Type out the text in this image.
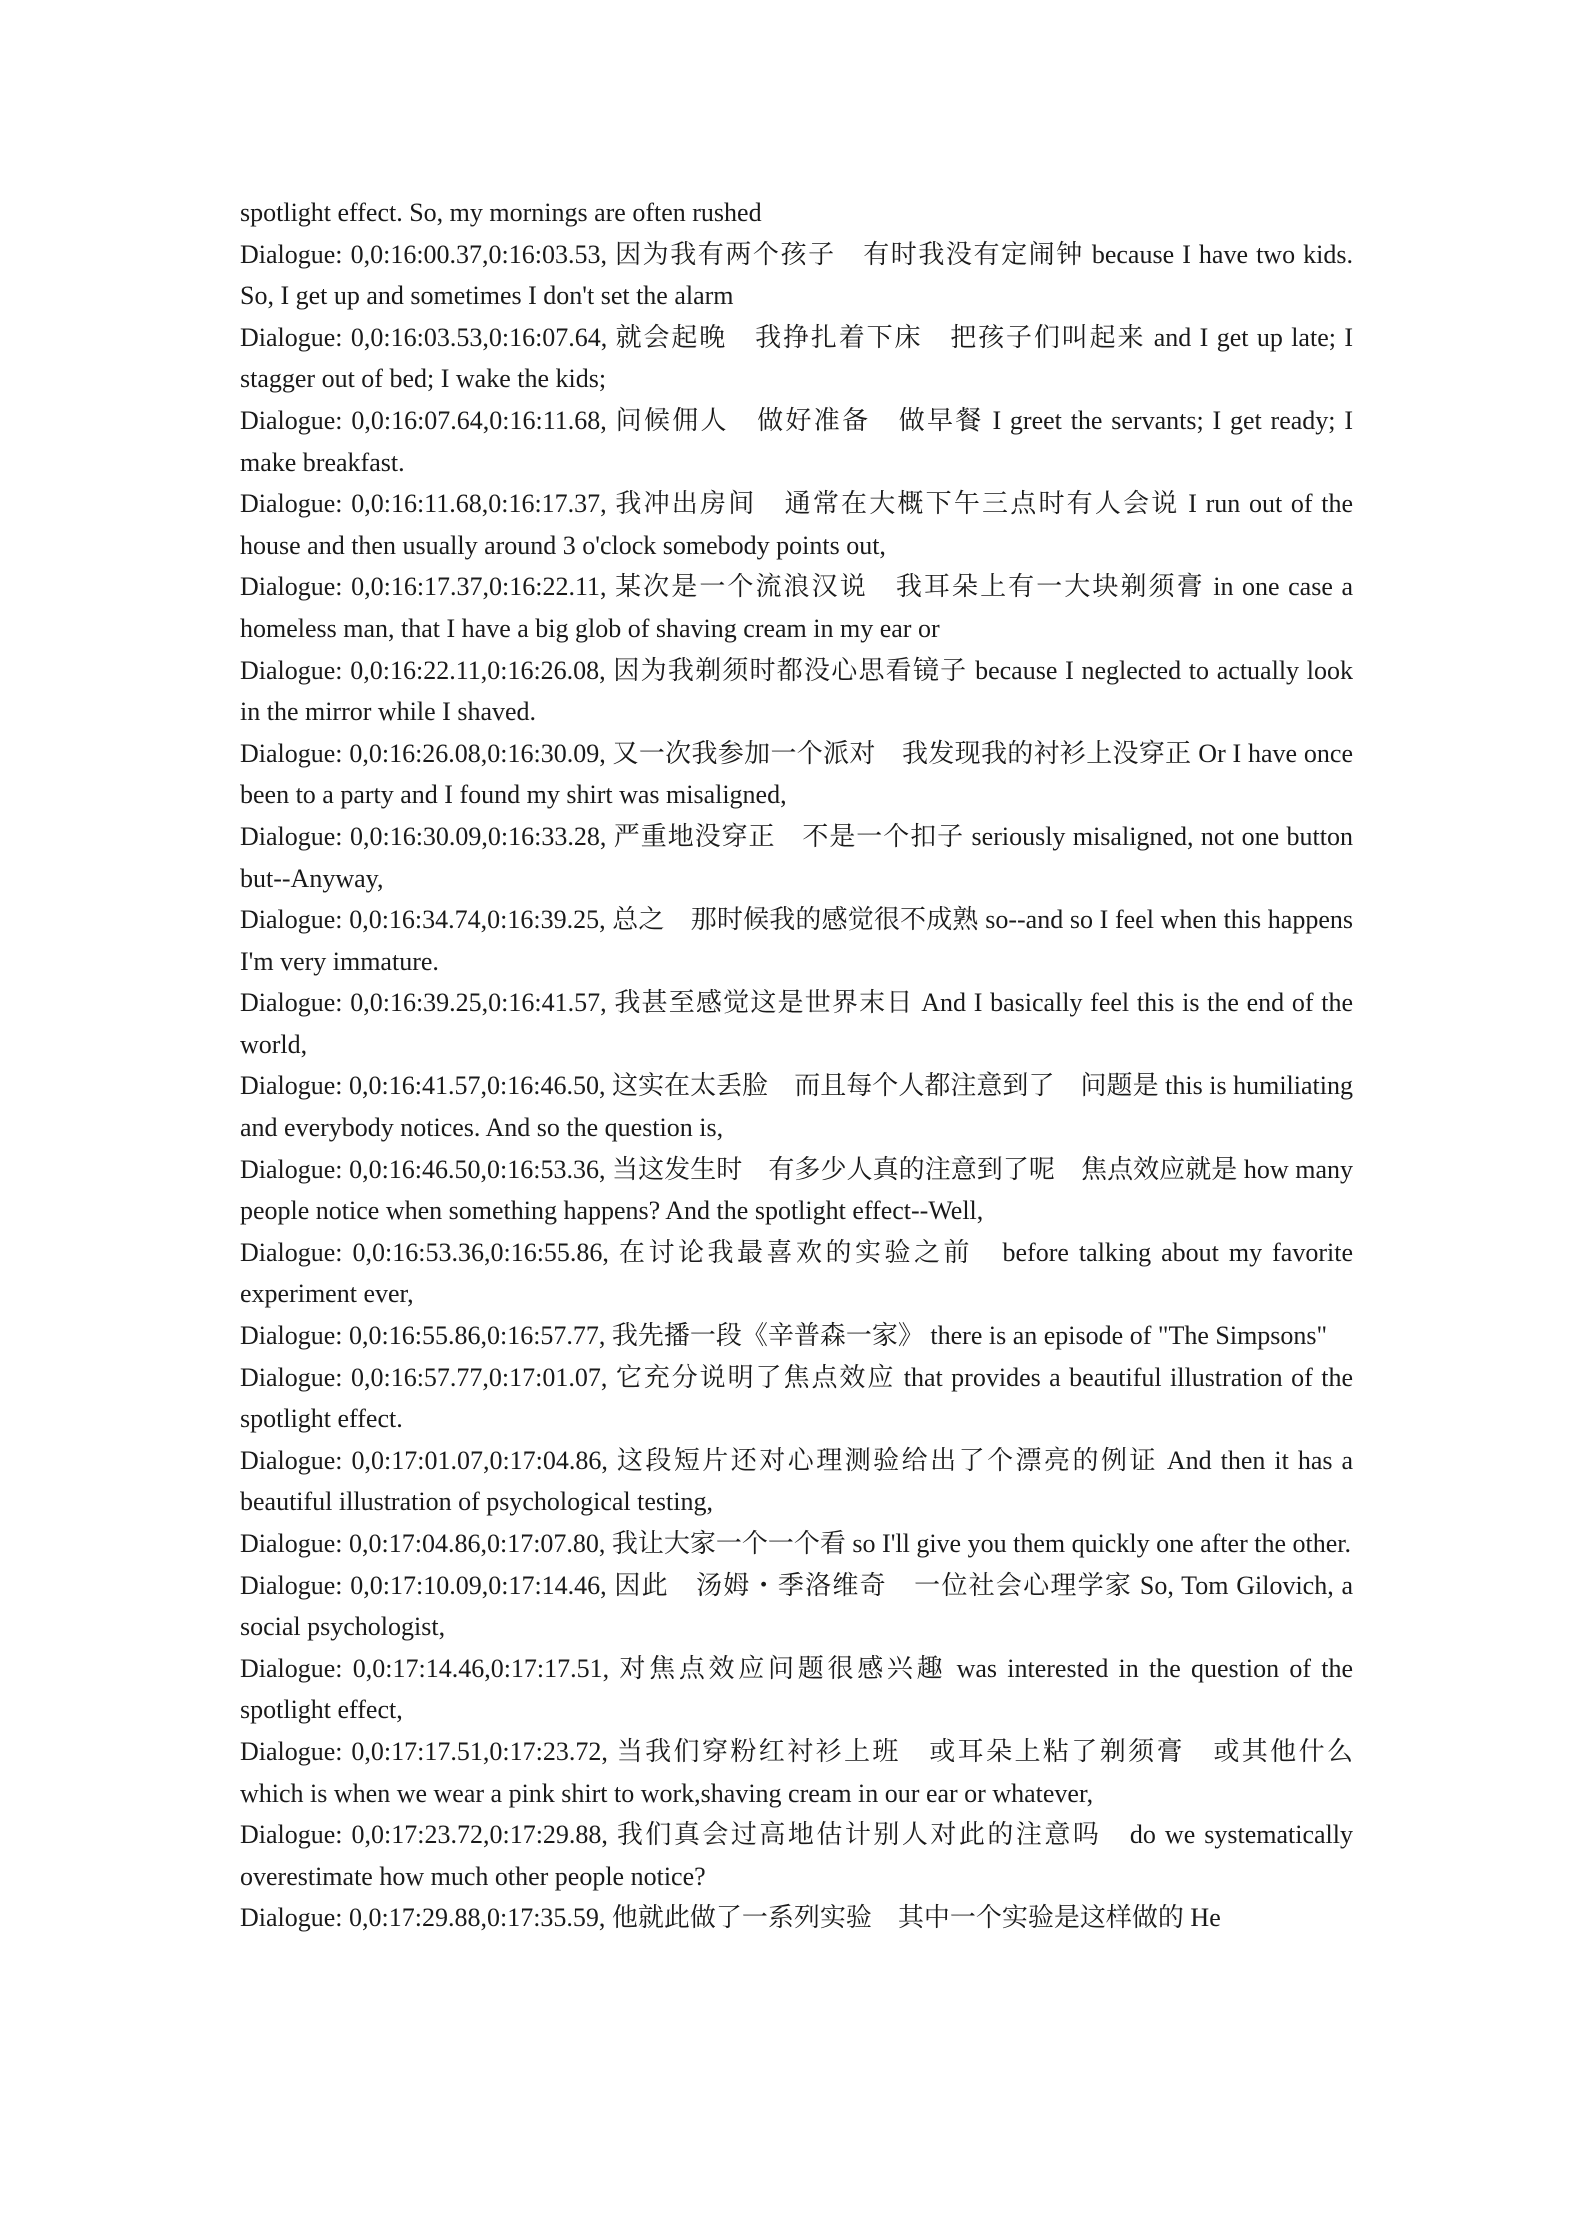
spotlight effect. So, my mornings are often rushed

Dialogue: 0,0:16:00.37,0:16:03.53, 因为我有两个孩子　有时我没有定闹钟 because I have two kids. So, I get up and sometimes I don't set the alarm

Dialogue: 0,0:16:03.53,0:16:07.64, 就会起晚　我挣扎着下床　把孩子们叫起来 and I get up late; I stagger out of bed; I wake the kids;

Dialogue: 0,0:16:07.64,0:16:11.68, 问候佣人　做好准备　做早餐 I greet the servants; I get ready; I make breakfast.

Dialogue: 0,0:16:11.68,0:16:17.37, 我冲出房间　通常在大概下午三点时有人会说 I run out of the house and then usually around 3 o'clock somebody points out,

Dialogue: 0,0:16:17.37,0:16:22.11, 某次是一个流浪汉说　我耳朵上有一大块剃须膏 in one case a homeless man, that I have a big glob of shaving cream in my ear or

Dialogue: 0,0:16:22.11,0:16:26.08, 因为我剃须时都没心思看镜子 because I neglected to actually look in the mirror while I shaved.

Dialogue: 0,0:16:26.08,0:16:30.09, 又一次我参加一个派对　我发现我的衬衫上没穿正 Or I have once been to a party and I found my shirt was misaligned,

Dialogue: 0,0:16:30.09,0:16:33.28, 严重地没穿正　不是一个扣子 seriously misaligned, not one button but--Anyway,

Dialogue: 0,0:16:34.74,0:16:39.25, 总之　那时候我的感觉很不成熟 so--and so I feel when this happens I'm very immature.

Dialogue: 0,0:16:39.25,0:16:41.57, 我甚至感觉这是世界末日 And I basically feel this is the end of the world,

Dialogue: 0,0:16:41.57,0:16:46.50, 这实在太丢脸　而且每个人都注意到了　问题是 this is humiliating and everybody notices. And so the question is,

Dialogue: 0,0:16:46.50,0:16:53.36, 当这发生时　有多少人真的注意到了呢　焦点效应就是 how many people notice when something happens? And the spotlight effect--Well,

Dialogue: 0,0:16:53.36,0:16:55.86, 在讨论我最喜欢的实验之前　before talking about my favorite experiment ever,

Dialogue: 0,0:16:55.86,0:16:57.77, 我先播一段《辛普森一家》 there is an episode of "The Simpsons"

Dialogue: 0,0:16:57.77,0:17:01.07, 它充分说明了焦点效应 that provides a beautiful illustration of the spotlight effect.

Dialogue: 0,0:17:01.07,0:17:04.86, 这段短片还对心理测验给出了个漂亮的例证 And then it has a beautiful illustration of psychological testing,

Dialogue: 0,0:17:04.86,0:17:07.80, 我让大家一个一个看 so I'll give you them quickly one after the other.

Dialogue: 0,0:17:10.09,0:17:14.46, 因此　汤姆・季洛维奇　一位社会心理学家 So, Tom Gilovich, a social psychologist,

Dialogue: 0,0:17:14.46,0:17:17.51, 对焦点效应问题很感兴趣 was interested in the question of the spotlight effect,

Dialogue: 0,0:17:17.51,0:17:23.72, 当我们穿粉红衬衫上班　或耳朵上粘了剃须膏　或其他什么 which is when we wear a pink shirt to work,shaving cream in our ear or whatever,

Dialogue: 0,0:17:23.72,0:17:29.88, 我们真会过高地估计别人对此的注意吗　do we systematically overestimate how much other people notice?

Dialogue: 0,0:17:29.88,0:17:35.59, 他就此做了一系列实验　其中一个实验是这样做的 He
